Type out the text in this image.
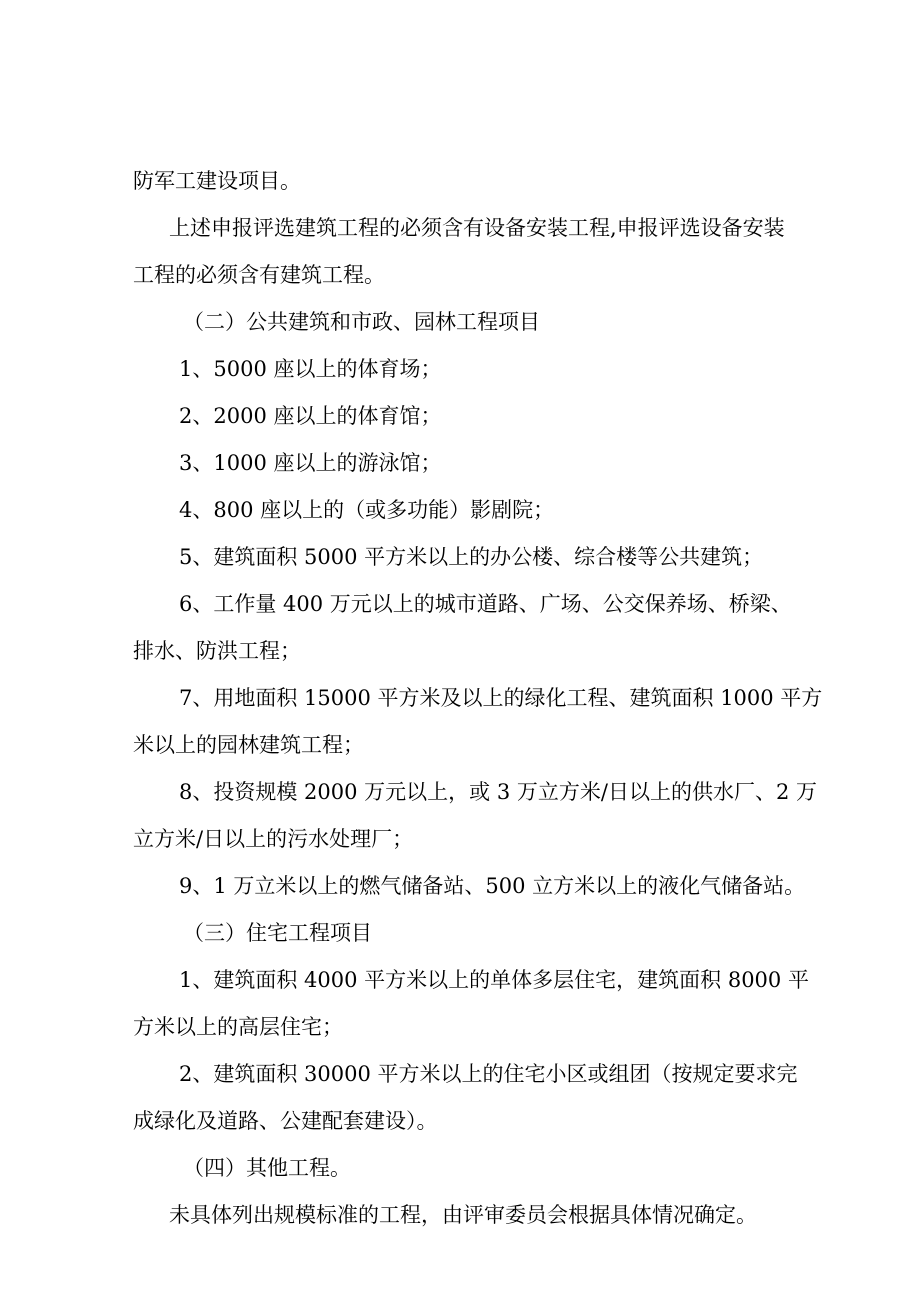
防军工建设项目。
上述申报评选建筑工程的必须含有设备安装工程,申报评选设备安装
工程的必须含有建筑工程。
（二）公共建筑和市政、园林工程项目
1、5000 座以上的体育场；
2、2000 座以上的体育馆；
3、1000 座以上的游泳馆；
4、800 座以上的（或多功能）影剧院；
5、建筑面积 5000 平方米以上的办公楼、综合楼等公共建筑；
6、工作量 400 万元以上的城市道路、广场、公交保养场、桥梁、
排水、防洪工程；
7、用地面积 15000 平方米及以上的绿化工程、建筑面积 1000 平方
米以上的园林建筑工程；
8、投资规模 2000 万元以上，或 3 万立方米/日以上的供水厂、2 万
立方米/日以上的污水处理厂；
9、1 万立米以上的燃气储备站、500 立方米以上的液化气储备站。
（三）住宅工程项目
1、建筑面积 4000 平方米以上的单体多层住宅，建筑面积 8000 平
方米以上的高层住宅；
2、建筑面积 30000 平方米以上的住宅小区或组团（按规定要求完
成绿化及道路、公建配套建设）。
（四）其他工程。
未具体列出规模标准的工程，由评审委员会根据具体情况确定。
